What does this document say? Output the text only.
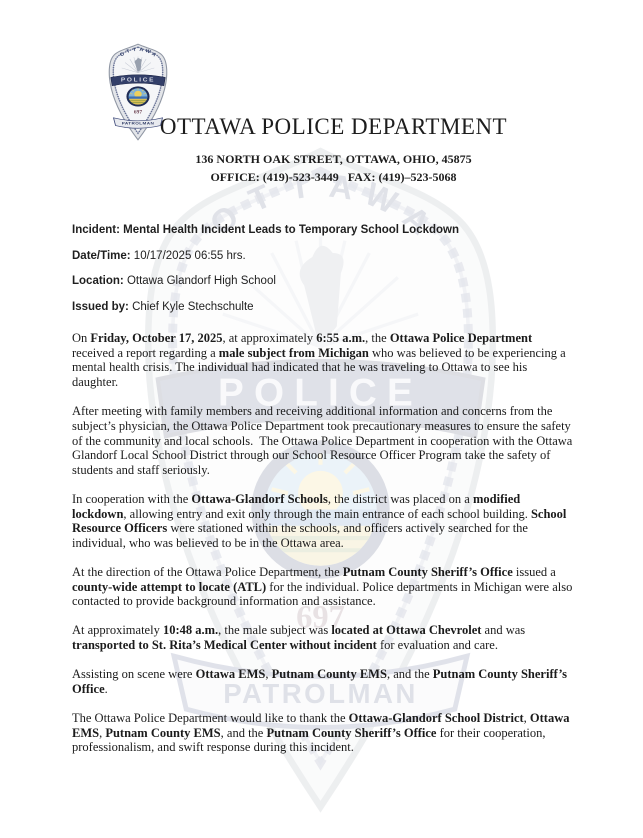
OTTAWA POLICE DEPARTMENT

136 NORTH OAK STREET, OTTAWA, OHIO, 45875

OFFICE: (419)-523-3449   FAX: (419)–523-5068

Incident: Mental Health Incident Leads to Temporary School Lockdown

Date/Time: 10/17/2025 06:55 hrs.

Location: Ottawa Glandorf High School

Issued by: Chief Kyle Stechschulte

On Friday, October 17, 2025, at approximately 6:55 a.m., the Ottawa Police Department received a report regarding a male subject from Michigan who was believed to be experiencing a mental health crisis. The individual had indicated that he was traveling to Ottawa to see his daughter.

After meeting with family members and receiving additional information and concerns from the subject’s physician, the Ottawa Police Department took precautionary measures to ensure the safety of the community and local schools.  The Ottawa Police Department in cooperation with the Ottawa Glandorf Local School District through our School Resource Officer Program take the safety of students and staff seriously.

In cooperation with the Ottawa-Glandorf Schools, the district was placed on a modified lockdown, allowing entry and exit only through the main entrance of each school building. School Resource Officers were stationed within the schools, and officers actively searched for the individual, who was believed to be in the Ottawa area.

At the direction of the Ottawa Police Department, the Putnam County Sheriff’s Office issued a county-wide attempt to locate (ATL) for the individual. Police departments in Michigan were also contacted to provide background information and assistance.

At approximately 10:48 a.m., the male subject was located at Ottawa Chevrolet and was transported to St. Rita’s Medical Center without incident for evaluation and care.

Assisting on scene were Ottawa EMS, Putnam County EMS, and the Putnam County Sheriff’s Office.

The Ottawa Police Department would like to thank the Ottawa-Glandorf School District, Ottawa EMS, Putnam County EMS, and the Putnam County Sheriff’s Office for their cooperation, professionalism, and swift response during this incident.
